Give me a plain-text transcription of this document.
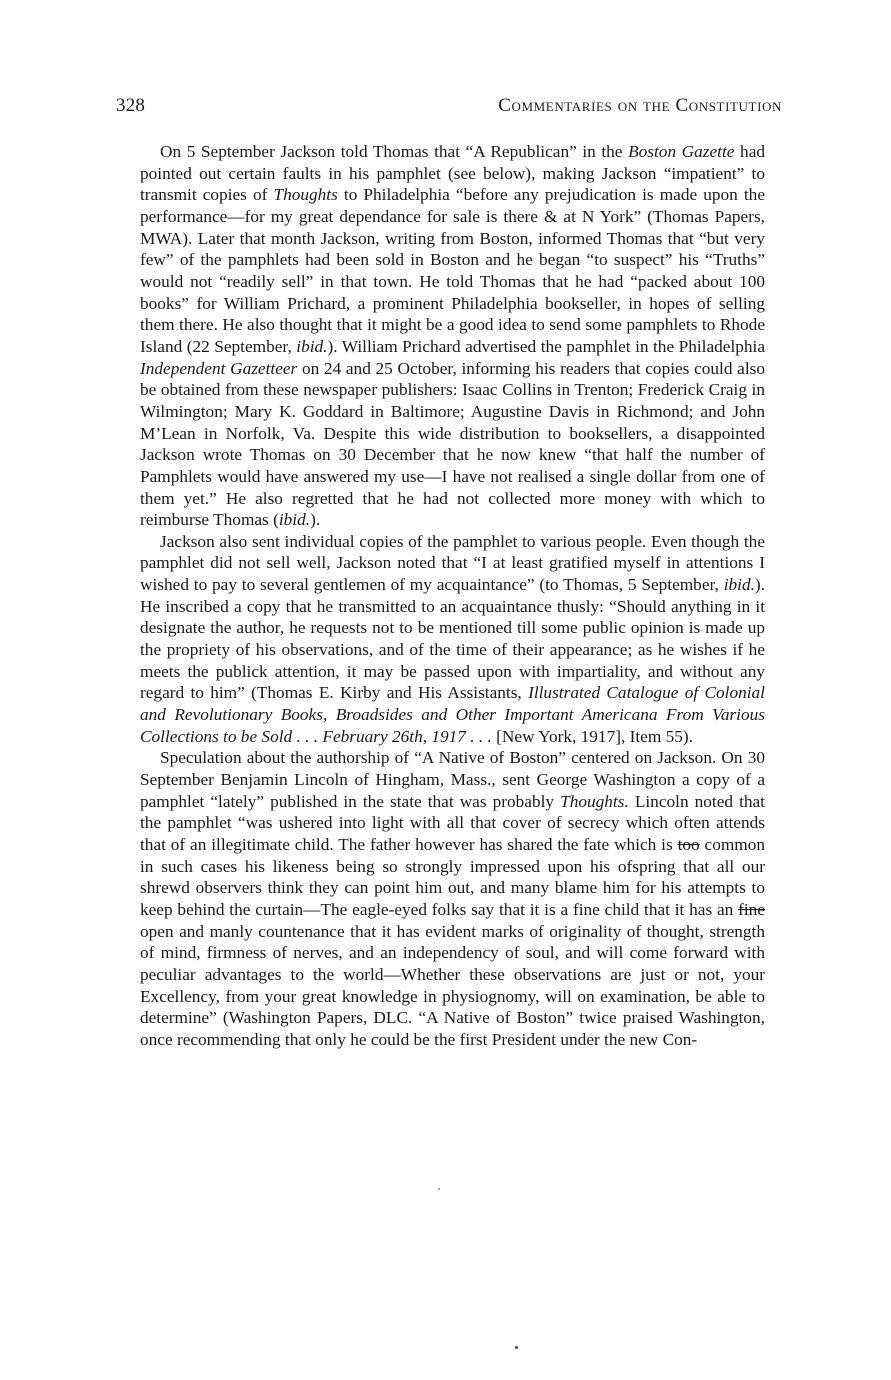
328	Commentaries on the Constitution

On 5 September Jackson told Thomas that “A Republican” in the Boston Gazette had pointed out certain faults in his pamphlet (see below), making Jackson “impatient” to transmit copies of Thoughts to Philadelphia “before any prejudication is made upon the performance—for my great dependance for sale is there & at N York” (Thomas Papers, MWA). Later that month Jackson, writing from Boston, informed Thomas that “but very few” of the pamphlets had been sold in Boston and he began “to suspect” his “Truths” would not “readily sell” in that town. He told Thomas that he had “packed about 100 books” for William Prichard, a prominent Philadelphia bookseller, in hopes of selling them there. He also thought that it might be a good idea to send some pamphlets to Rhode Island (22 September, ibid.). William Prichard advertised the pamphlet in the Philadelphia Independent Gazetteer on 24 and 25 October, informing his readers that copies could also be obtained from these newspaper publishers: Isaac Collins in Trenton; Frederick Craig in Wilmington; Mary K. Goddard in Baltimore; Augustine Davis in Richmond; and John M’Lean in Norfolk, Va. Despite this wide distribution to booksellers, a disappointed Jackson wrote Thomas on 30 December that he now knew “that half the number of Pamphlets would have answered my use—I have not realised a single dollar from one of them yet.” He also regretted that he had not collected more money with which to reimburse Thomas (ibid.).

Jackson also sent individual copies of the pamphlet to various people. Even though the pamphlet did not sell well, Jackson noted that “I at least gratified myself in attentions I wished to pay to several gentlemen of my acquaintance” (to Thomas, 5 September, ibid.). He inscribed a copy that he transmitted to an acquaintance thusly: “Should anything in it designate the author, he requests not to be mentioned till some public opinion is made up the propriety of his observations, and of the time of their appearance; as he wishes if he meets the publick attention, it may be passed upon with impartiality, and without any regard to him” (Thomas E. Kirby and His Assistants, Illustrated Catalogue of Colonial and Revolutionary Books, Broadsides and Other Important Americana From Various Collections to be Sold . . . February 26th, 1917 . . . [New York, 1917], Item 55).

Speculation about the authorship of “A Native of Boston” centered on Jackson. On 30 September Benjamin Lincoln of Hingham, Mass., sent George Washington a copy of a pamphlet “lately” published in the state that was probably Thoughts. Lincoln noted that the pamphlet “was ushered into light with all that cover of secrecy which often attends that of an illegitimate child. The father however has shared the fate which is too common in such cases his likeness being so strongly impressed upon his ofspring that all our shrewd observers think they can point him out, and many blame him for his attempts to keep behind the curtain—The eagle-eyed folks say that it is a fine child that it has an fine open and manly countenance that it has evident marks of originality of thought, strength of mind, firmness of nerves, and an independency of soul, and will come forward with peculiar advantages to the world—Whether these observations are just or not, your Excellency, from your great knowledge in physiognomy, will on examination, be able to determine” (Washington Papers, DLC. “A Native of Boston” twice praised Washington, once recommending that only he could be the first President under the new Con-
